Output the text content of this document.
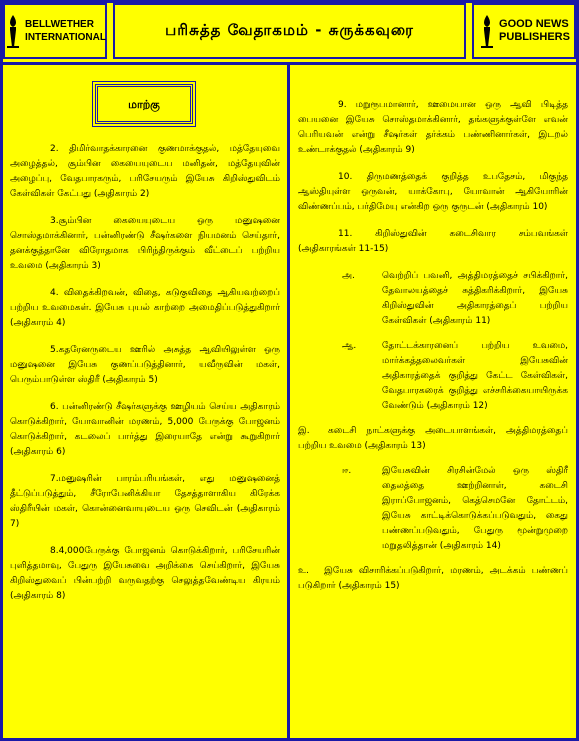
BELLWETHER
INTERNATIONAL	பரிசுத்த வேதாகமம் - சுருக்கவுரை	GOOD NEWS
PUBLISHERS
மாற்கு

2. திமிர்வாதக்காரனை குணமாக்குதல், மத்தேயுவை அழைத்தல், சூம்பின கையையுடைய மனிதன், மத்தேயுவின் அழைப்பு, வேதபாரகரும், பரிசேயரும் இயேசு கிறிஸ்துவிடம் கேள்விகள் கேட்பது (அதிகாரம் 2)

3.சூம்பின கையையுடைய ஒரு மனுஷனை சொஸ்தமாக்கினார், பன்னிரண்டு சீஷர்களை நியமனம் செய்தார், தனக்குத்தானே விரோதமாக பிரிந்திருக்கும் வீட்டைப் பற்றிய உவமை (அதிகாரம் 3)

4. விதைக்கிறவன், விதை, கடுகுவிதை ஆகியவற்றைப் பற்றிய உவமைகள். இயேசு புயல் காற்றை அமைதிப்படுத்துகிறார் (அதிகாரம் 4)

5.கதரேனருடைய ஊரில் அசுத்த ஆவியிலுள்ள ஒரு மனுஷனை இயேசு குணப்படுத்தினார், யவீருவின் மகள், பெரும்பாடுள்ள ஸ்திரீ (அதிகாரம் 5)

6. பன்னிரண்டு சீஷர்களுக்கு ஊழியம் செய்ய அதிகாரம் கொடுக்கிறார், யோவானின் மரணம், 5,000 பேருக்கு போஜனம் கொடுக்கிறார், கடலைப் பார்த்து இரையாதே என்று கூறுகிறார் (அதிகாரம் 6)

7.மனுஷரின் பாரம்பரியங்கள், எது மனுஷனைத் தீட்டுப்படுத்தும், சீரோபேனிக்கியா தேசத்தாளாகிய கிரேக்க ஸ்திரீயின் மகள், கொன்னைவாயுடைய ஒரு செவிடன் (அதிகாரம் 7)

8.4,000பேருக்கு போஜனம் கொடுக்கிறார், பரிசேயரின் புளித்தமாவு, பேதுரு இயேசுவை அறிக்கை செய்கிறார், இயேசு கிறிஸ்துவைப் பின்பற்றி வருவதற்கு செலுத்தவேண்டிய கிரயம் (அதிகாரம் 8)

9. மறுரூபமானார், ஊமையான ஒரு ஆவி பிடித்த பையனை இயேசு சொஸ்தமாக்கினார், தங்களுக்குள்ளே எவன் பெரியவன் என்று சீஷர்கள் தர்க்கம் பண்ணினார்கள், இடறல் உண்டாக்குதல் (அதிகாரம் 9)

10. திருமணத்தைக் குறித்த உபதேசம், மிகுந்த ஆஸ்தியுள்ள ஒருவன், யாக்கோபு, யோவான் ஆகியோரின் விண்ணப்பம், பர்திமேயு என்கிற ஒரு குருடன் (அதிகாரம் 10)

11. கிறிஸ்துவின் கடைசிவார சம்பவங்கள் (அதிகாரங்கள் 11-15)

அ.	வெற்றிப் பவனி, அத்திமரத்தைச் சபிக்கிறார், தேவாலயத்தைச் சுத்திகரிக்கிறார், இயேசு கிறிஸ்துவின் அதிகாரத்தைப் பற்றிய கேள்விகள் (அதிகாரம் 11)
ஆ.	தோட்டக்காரனைப் பற்றிய உவமை, மார்க்கத்தலைவர்கள் இயேசுவின் அதிகாரத்தைக் குறித்து கேட்ட கேள்விகள், வேதபாரகரைக் குறித்து எச்சரிக்கையாயிருக்க வேண்டும் (அதிகாரம் 12)
இ. கடைசி நாட்களுக்கு அடையாளங்கள், அத்திமரத்தைப் பற்றிய உவமை (அதிகாரம் 13)
ஈ.	இயேசுவின் சிரசின்மேல் ஒரு ஸ்திரீ தைலத்தை ஊற்றினாள், கடைசி இராப்போஜனம், கெத்செமனே தோட்டம், இயேசு காட்டிக்கொடுக்கப்படுவதும், கைது பண்ணப்படுவதும், பேதுரு மூன்றுமுறை மறுதலித்தான் (அதிகாரம் 14)
உ. இயேசு விசாரிக்கப்படுகிறார், மரணம், அடக்கம் பண்ணப் படுகிறார் (அதிகாரம் 15)
